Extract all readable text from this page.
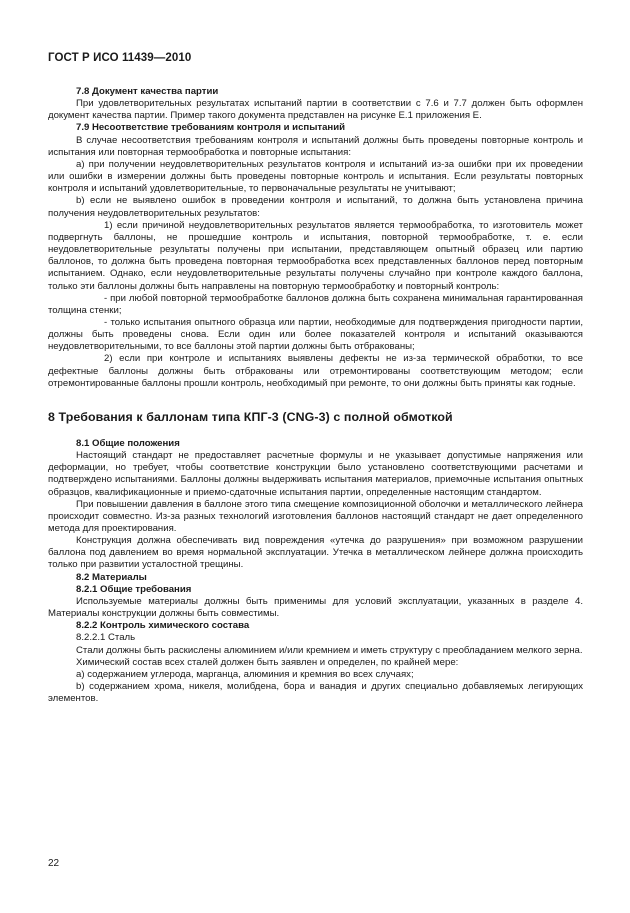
ГОСТ Р ИСО 11439—2010

7.8 Документ качества партии

При удовлетворительных результатах испытаний партии в соответствии с 7.6 и 7.7 должен быть оформлен документ качества партии. Пример такого документа представлен на рисунке Е.1 приложения Е.

7.9 Несоответствие требованиям контроля и испытаний

В случае несоответствия требованиям контроля и испытаний должны быть проведены повторные контроль и испытания или повторная термообработка и повторные испытания:

а) при получении неудовлетворительных результатов контроля и испытаний из-за ошибки при их проведении или ошибки в измерении должны быть проведены повторные контроль и испытания. Если результаты повторных контроля и испытаний удовлетворительные, то первоначальные результаты не учитывают;

b) если не выявлено ошибок в проведении контроля и испытаний, то должна быть установлена причина получения неудовлетворительных результатов:

1) если причиной неудовлетворительных результатов является термообработка, то изготовитель может подвергнуть баллоны, не прошедшие контроль и испытания, повторной термообработке, т. е. если неудовлетворительные результаты получены при испытании, представляющем опытный образец или партию баллонов, то должна быть проведена повторная термообработка всех представленных баллонов перед повторным испытанием. Однако, если неудовлетворительные результаты получены случайно при контроле каждого баллона, только эти баллоны должны быть направлены на повторную термообработку и повторный контроль:

- при любой повторной термообработке баллонов должна быть сохранена минимальная гарантированная толщина стенки;

- только испытания опытного образца или партии, необходимые для подтверждения пригодности партии, должны быть проведены снова. Если один или более показателей контроля и испытаний оказываются неудовлетворительными, то все баллоны этой партии должны быть отбракованы;

2) если при контроле и испытаниях выявлены дефекты не из-за термической обработки, то все дефектные баллоны должны быть отбракованы или отремонтированы соответствующим методом; если отремонтированные баллоны прошли контроль, необходимый при ремонте, то они должны быть приняты как годные.

8 Требования к баллонам типа КПГ-3 (CNG-3) с полной обмоткой

8.1 Общие положения

Настоящий стандарт не предоставляет расчетные формулы и не указывает допустимые напряжения или деформации, но требует, чтобы соответствие конструкции было установлено соответствующими расчетами и подтверждено испытаниями. Баллоны должны выдерживать испытания материалов, приемочные испытания опытных образцов, квалификационные и приемо-сдаточные испытания партии, определенные настоящим стандартом.

При повышении давления в баллоне этого типа смещение композиционной оболочки и металлического лейнера происходит совместно. Из-за разных технологий изготовления баллонов настоящий стандарт не дает определенного метода для проектирования.

Конструкция должна обеспечивать вид повреждения «утечка до разрушения» при возможном разрушении баллона под давлением во время нормальной эксплуатации. Утечка в металлическом лейнере должна происходить только при развитии усталостной трещины.

8.2 Материалы

8.2.1 Общие требования

Используемые материалы должны быть применимы для условий эксплуатации, указанных в разделе 4. Материалы конструкции должны быть совместимы.

8.2.2 Контроль химического состава

8.2.2.1 Сталь

Стали должны быть раскислены алюминием и/или кремнием и иметь структуру с преобладанием мелкого зерна.

Химический состав всех сталей должен быть заявлен и определен, по крайней мере:

а) содержанием углерода, марганца, алюминия и кремния во всех случаях;

b) содержанием хрома, никеля, молибдена, бора и ванадия и других специально добавляемых легирующих элементов.

22
